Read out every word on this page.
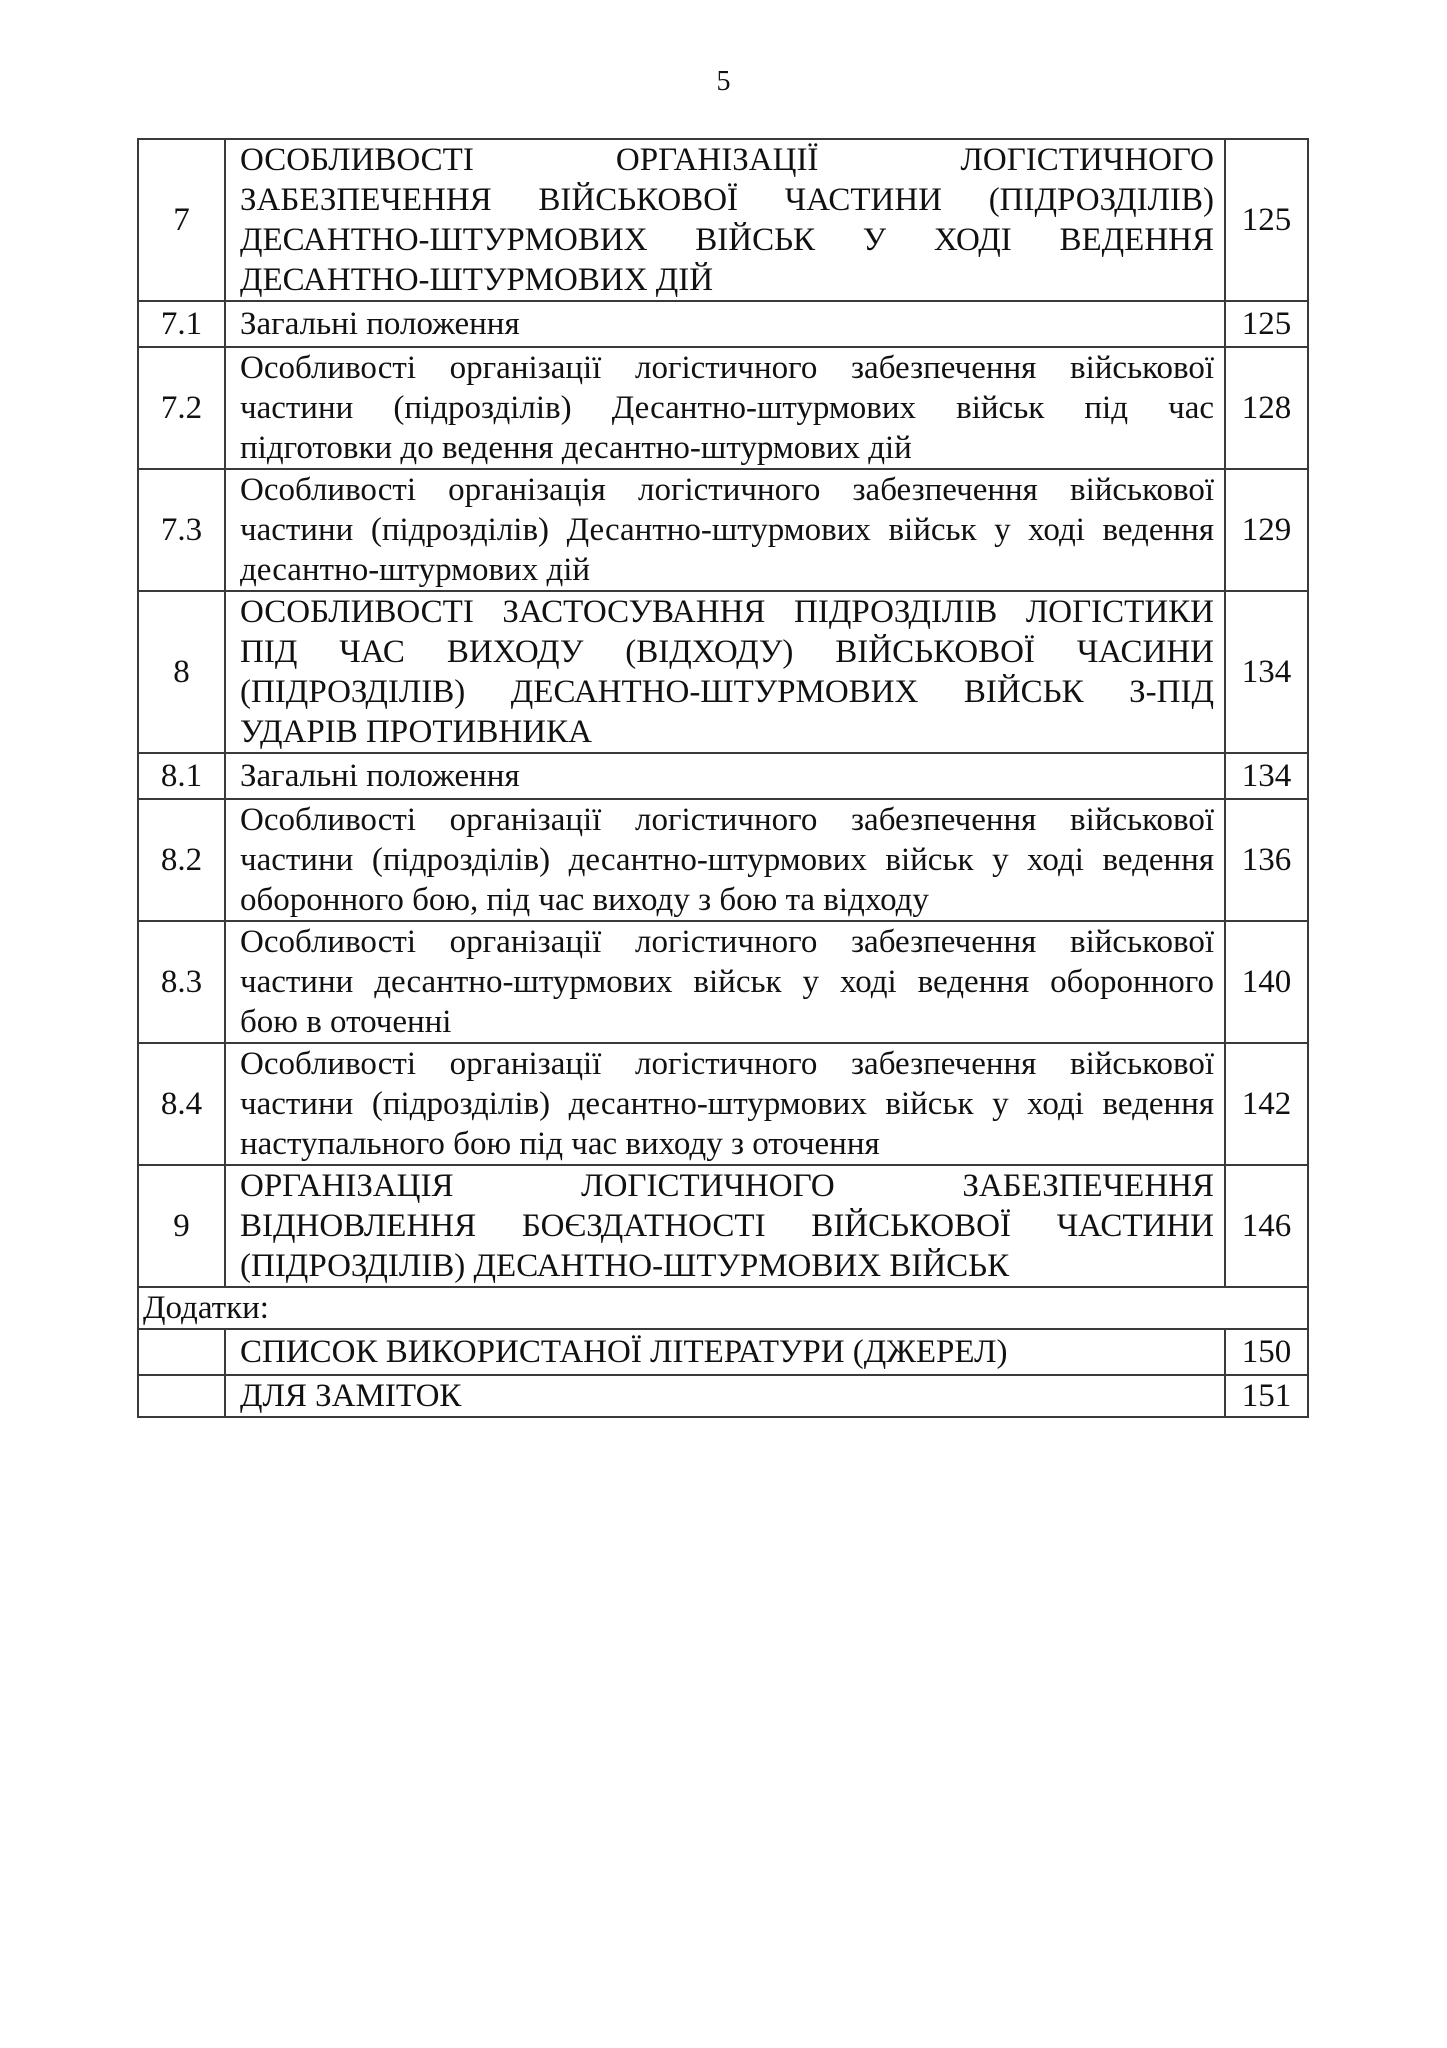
5
7	ОСОБЛИВОСТІ ОРГАНІЗАЦІЇ ЛОГІСТИЧНОГО
ЗАБЕЗПЕЧЕННЯ ВІЙСЬКОВОЇ ЧАСТИНИ (ПІДРОЗДІЛІВ)
ДЕСАНТНО-ШТУРМОВИХ ВІЙСЬК У ХОДІ ВЕДЕННЯ
ДЕСАНТНО-ШТУРМОВИХ ДІЙ	125
7.1	Загальні положення	125
7.2	Особливості організації логістичного забезпечення військової
частини (підрозділів) Десантно-штурмових військ під час
підготовки до ведення десантно-штурмових дій	128
7.3	Особливості організація логістичного забезпечення військової
частини (підрозділів) Десантно-штурмових військ у ході ведення
десантно-штурмових дій	129
8	ОСОБЛИВОСТІ ЗАСТОСУВАННЯ ПІДРОЗДІЛІВ ЛОГІСТИКИ
ПІД ЧАС ВИХОДУ (ВІДХОДУ) ВІЙСЬКОВОЇ ЧАСИНИ
(ПІДРОЗДІЛІВ) ДЕСАНТНО-ШТУРМОВИХ ВІЙСЬК З-ПІД
УДАРІВ ПРОТИВНИКА	134
8.1	Загальні положення	134
8.2	Особливості організації логістичного забезпечення військової
частини (підрозділів) десантно-штурмових військ у ході ведення
оборонного бою, під час виходу з бою та відходу	136
8.3	Особливості організації логістичного забезпечення військової
частини десантно-штурмових військ у ході ведення оборонного
бою в оточенні	140
8.4	Особливості організації логістичного забезпечення військової
частини (підрозділів) десантно-штурмових військ у ході ведення
наступального бою під час виходу з оточення	142
9	ОРГАНІЗАЦІЯ ЛОГІСТИЧНОГО ЗАБЕЗПЕЧЕННЯ
ВІДНОВЛЕННЯ БОЄЗДАТНОСТІ ВІЙСЬКОВОЇ ЧАСТИНИ
(ПІДРОЗДІЛІВ) ДЕСАНТНО-ШТУРМОВИХ ВІЙСЬК	146
Додатки:		

	СПИСОК ВИКОРИСТАНОЇ ЛІТЕРАТУРИ (ДЖЕРЕЛ)	150

	ДЛЯ ЗАМІТОК	151
